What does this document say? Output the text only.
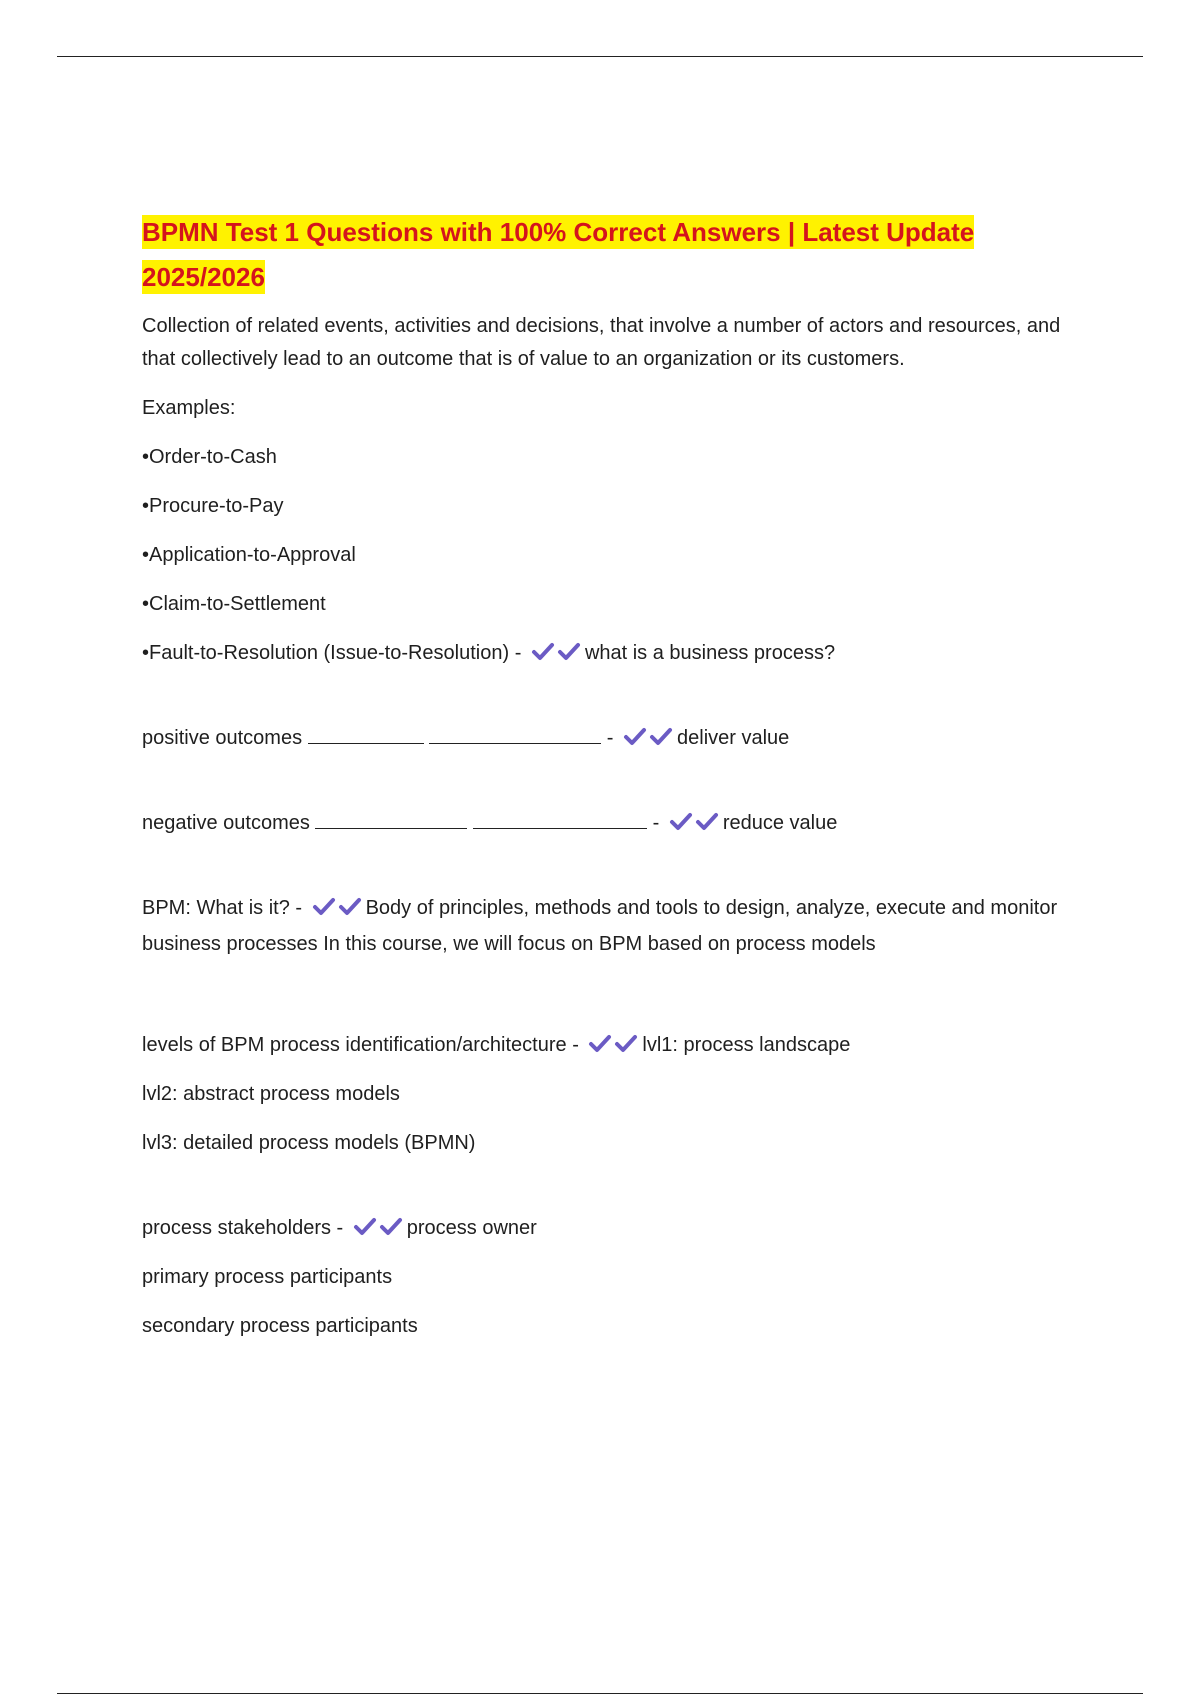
BPMN Test 1 Questions with 100% Correct Answers | Latest Update
2025/2026

Collection of related events, activities and decisions, that involve a number of actors and resources, and that collectively lead to an outcome that is of value to an organization or its customers.

Examples:

•Order-to-Cash

•Procure-to-Pay

•Application-to-Approval

•Claim-to-Settlement

•Fault-to-Resolution (Issue-to-Resolution) -	what is a business process?

positive outcomes	-	deliver value

negative outcomes	-	reduce value

BPM: What is it? -	Body of principles, methods and tools to design, analyze, execute and monitor business processes In this course, we will focus on BPM based on process models

levels of BPM process identification/architecture -	lvl1: process landscape

lvl2: abstract process models

lvl3: detailed process models (BPMN)

process stakeholders -	process owner

primary process participants

secondary process participants
